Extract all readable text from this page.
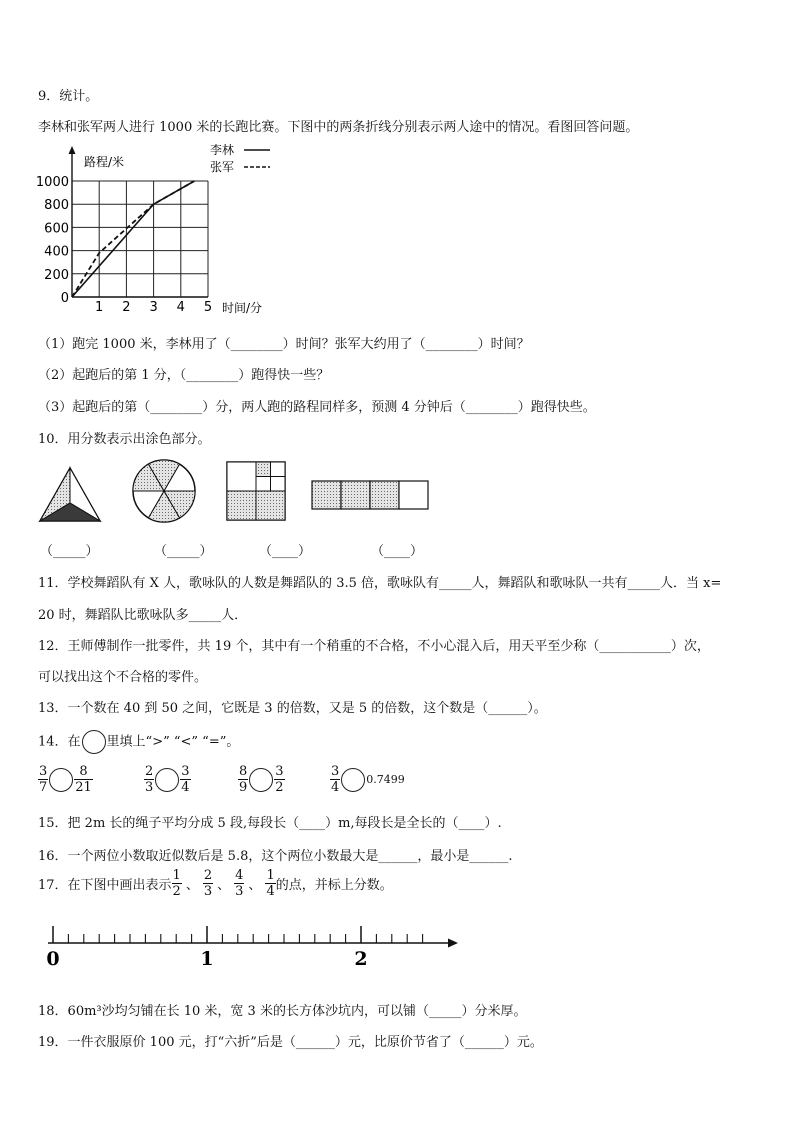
9．统计。
李林和张军两人进行 1000 米的长跑比赛。下图中的两条折线分别表示两人途中的情况。看图回答问题。
1 2 3 4 5
0
200
400
600
800
1000
路程/米
时间/分
李林
张军
（1）跑完 1000 米，李林用了（________）时间？张军大约用了（________）时间？
（2）起跑后的第 1 分，（________）跑得快一些？
（3）起跑后的第（________）分，两人跑的路程同样多，预测 4 分钟后（________）跑得快些。
10．用分数表示出涂色部分。
（_____）	（_____）	（____）	（____）
11．学校舞蹈队有 X 人，歌咏队的人数是舞蹈队的 3.5 倍，歌咏队有_____人，舞蹈队和歌咏队一共有_____人．当 x=
20 时，舞蹈队比歌咏队多_____人．
12．王师傅制作一批零件，共 19 个，其中有一个稍重的不合格，不小心混入后，用天平至少称（___________）次，
可以找出这个不合格的零件。
13．一个数在 40 到 50 之间，它既是 3 的倍数，又是 5 的倍数，这个数是（______）。
14．在 里填上“>” “<” “=”。
$\frac{3}{7} \frac{8}{21}$	$\frac{2}{3} \frac{3}{4}$	$\frac{8}{9} \frac{3}{2}$	$\frac{3}{4} 0.7499$
15．把 2m 长的绳子平均分成 5 段,每段长（____）m,每段长是全长的（____）.
16．一个两位小数取近似数后是 5.8，这个两位小数最大是______，最小是______.
17．在下图中画出表示 $\frac{1}{2}$ 、 $\frac{2}{3}$ 、 $\frac{4}{3}$ 、 $\frac{1}{4}$ 的点，并标上分数。
0	1	2
18．60m³沙均匀铺在长 10 米，宽 3 米的长方体沙坑内，可以铺（_____）分米厚。
19．一件衣服原价 100 元，打“六折”后是（______）元，比原价节省了（______）元。
